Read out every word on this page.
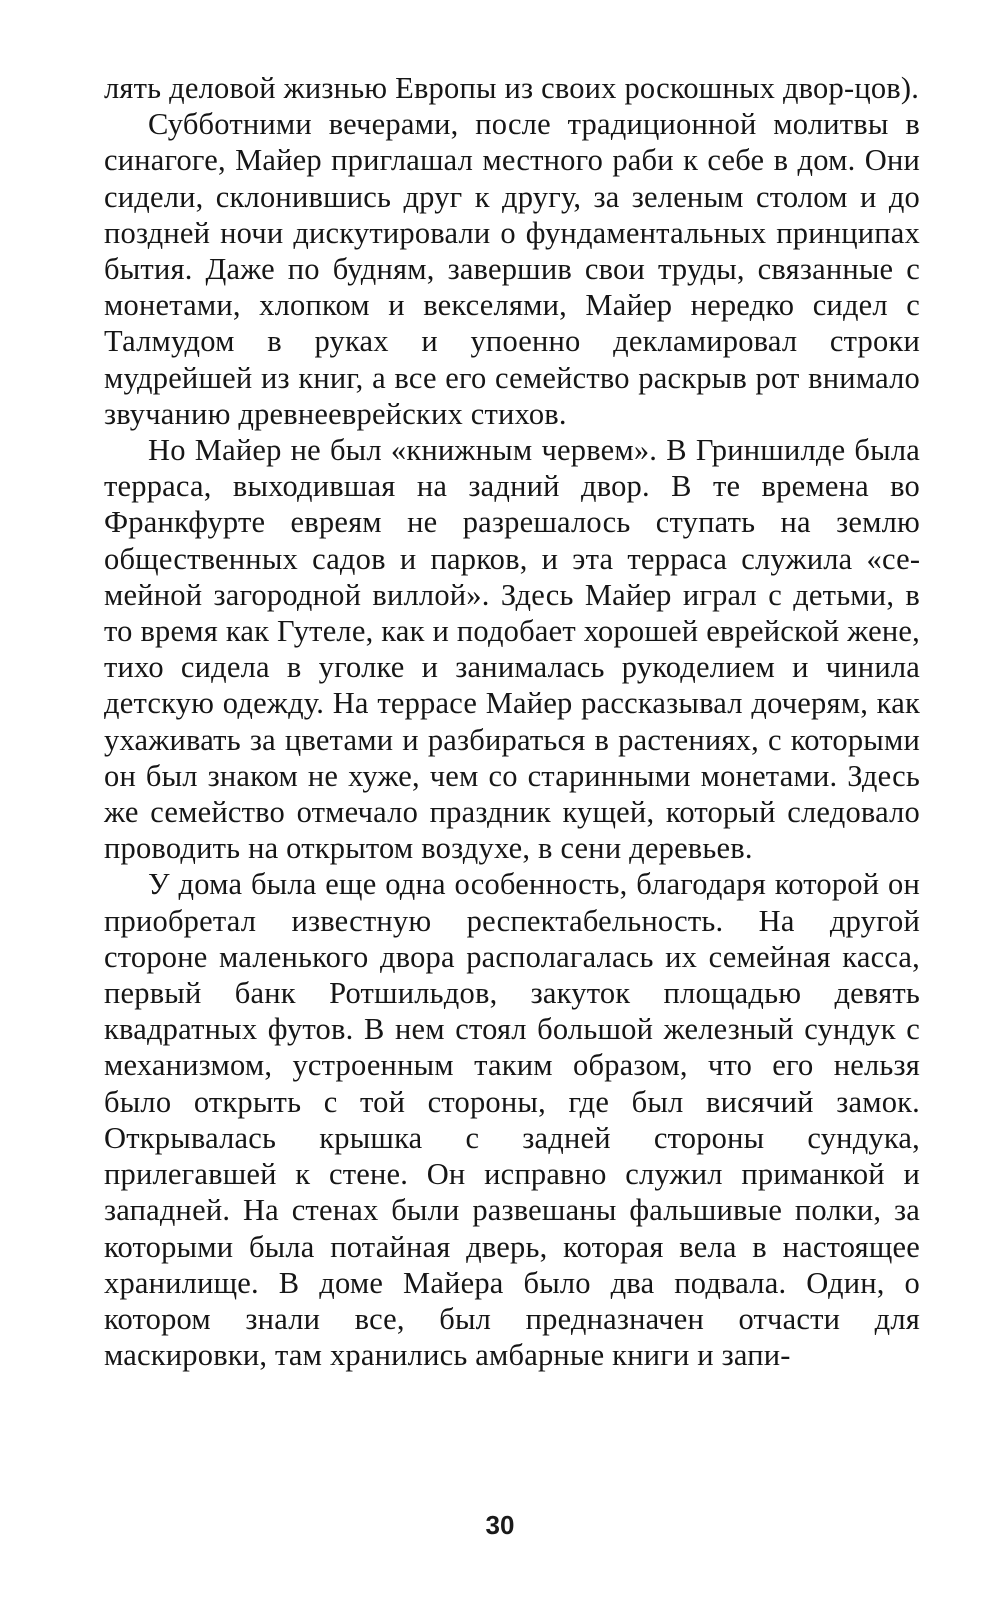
лять деловой жизнью Европы из своих роскошных двор-цов).

Субботними вечерами, после традиционной молитвы в синагоге, Майер приглашал местного раби к себе в дом. Они сидели, склонившись друг к другу, за зеленым столом и до поздней ночи дискутировали о фундаментальных принципах бытия. Даже по будням, завершив свои труды, связанные с монетами, хлопком и векселями, Майер нередко сидел с Талмудом в руках и упоенно декламировал строки мудрейшей из книг, а все его семейство раскрыв рот внимало звучанию древнееврейских стихов.

Но Майер не был «книжным червем». В Гриншилде была терраса, выходившая на задний двор. В те времена во Франкфурте евреям не разрешалось ступать на землю общественных садов и парков, и эта терраса служила «семейной загородной виллой». Здесь Майер играл с детьми, в то время как Гутеле, как и подобает хорошей еврейской жене, тихо сидела в уголке и занималась рукоделием и чинила детскую одежду. На террасе Майер рассказывал дочерям, как ухаживать за цветами и разбираться в растениях, с которыми он был знаком не хуже, чем со старинными монетами. Здесь же семейство отмечало праздник кущей, который следовало проводить на открытом воздухе, в сени деревьев.

У дома была еще одна особенность, благодаря которой он приобретал известную респектабельность. На другой стороне маленького двора располагалась их семейная касса, первый банк Ротшильдов, закуток площадью девять квадратных футов. В нем стоял большой железный сундук с механизмом, устроенным таким образом, что его нельзя было открыть с той стороны, где был висячий замок. Открывалась крышка с задней стороны сундука, прилегавшей к стене. Он исправно служил приманкой и западней. На стенах были развешаны фальшивые полки, за которыми была потайная дверь, которая вела в настоящее хранилище. В доме Майера было два подвала. Один, о котором знали все, был предназначен отчасти для маскировки, там хранились амбарные книги и запи-

30
